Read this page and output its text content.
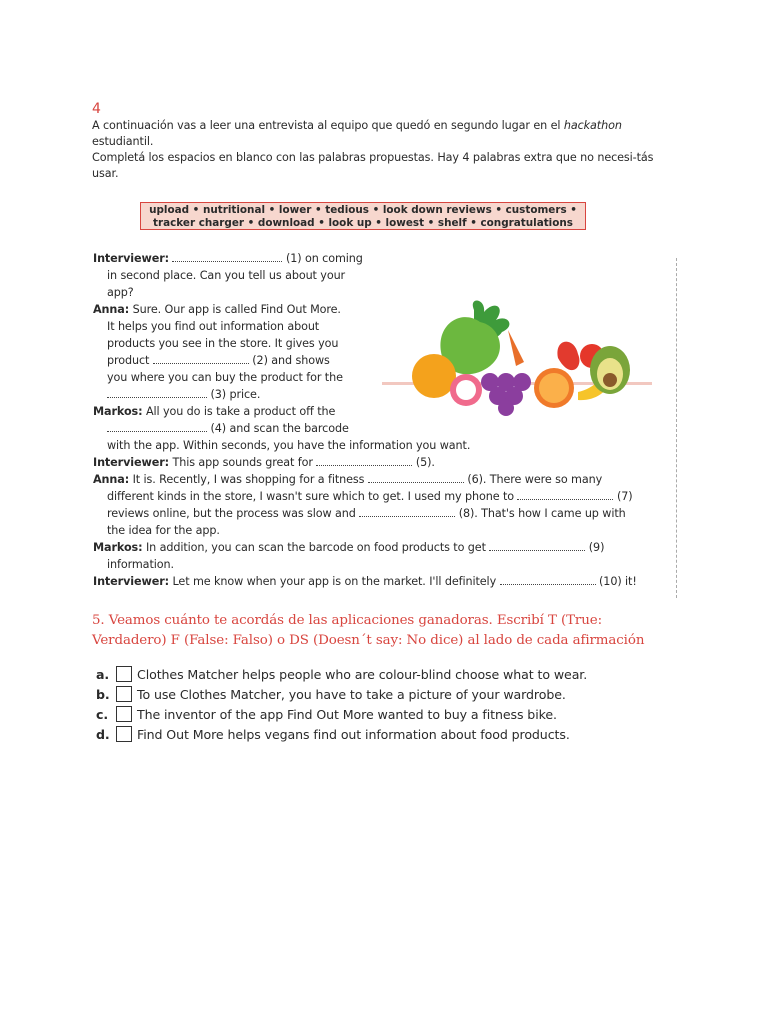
4

A continuación vas a leer una entrevista al equipo que quedó en segundo lugar en el hackathon estudiantil.

Completá los espacios en blanco con las palabras propuestas. Hay 4 palabras extra que no necesi-tás usar.

upload • nutritional • lower • tedious • look down reviews • customers •
tracker charger • download • look up • lowest • shelf • congratulations
Interviewer:	(1) on coming
in second place. Can you tell us about your
app?
Anna: Sure. Our app is called Find Out More.
It helps you find out information about
products you see in the store. It gives you
product	(2) and shows
you where you can buy the product for the
(3) price.
Markos: All you do is take a product off the
(4) and scan the barcode
with the app. Within seconds, you have the information you want.
Interviewer: This app sounds great for	(5).
Anna: It is. Recently, I was shopping for a fitness	(6). There were so many
different kinds in the store, I wasn't sure which to get. I used my phone to	(7)
reviews online, but the process was slow and	(8). That's how I came up with
the idea for the app.
Markos: In addition, you can scan the barcode on food products to get	(9)
information.
Interviewer: Let me know when your app is on the market. I'll definitely	(10) it!
5. Veamos cuánto te acordás de las aplicaciones ganadoras. Escribí T (True: Verdadero) F (False: Falso) o DS (Doesn´t say: No dice) al lado de cada afirmación
a.	Clothes Matcher helps people who are colour-blind choose what to wear.
b.	To use Clothes Matcher, you have to take a picture of your wardrobe.
c.	The inventor of the app Find Out More wanted to buy a fitness bike.
d.	Find Out More helps vegans find out information about food products.
